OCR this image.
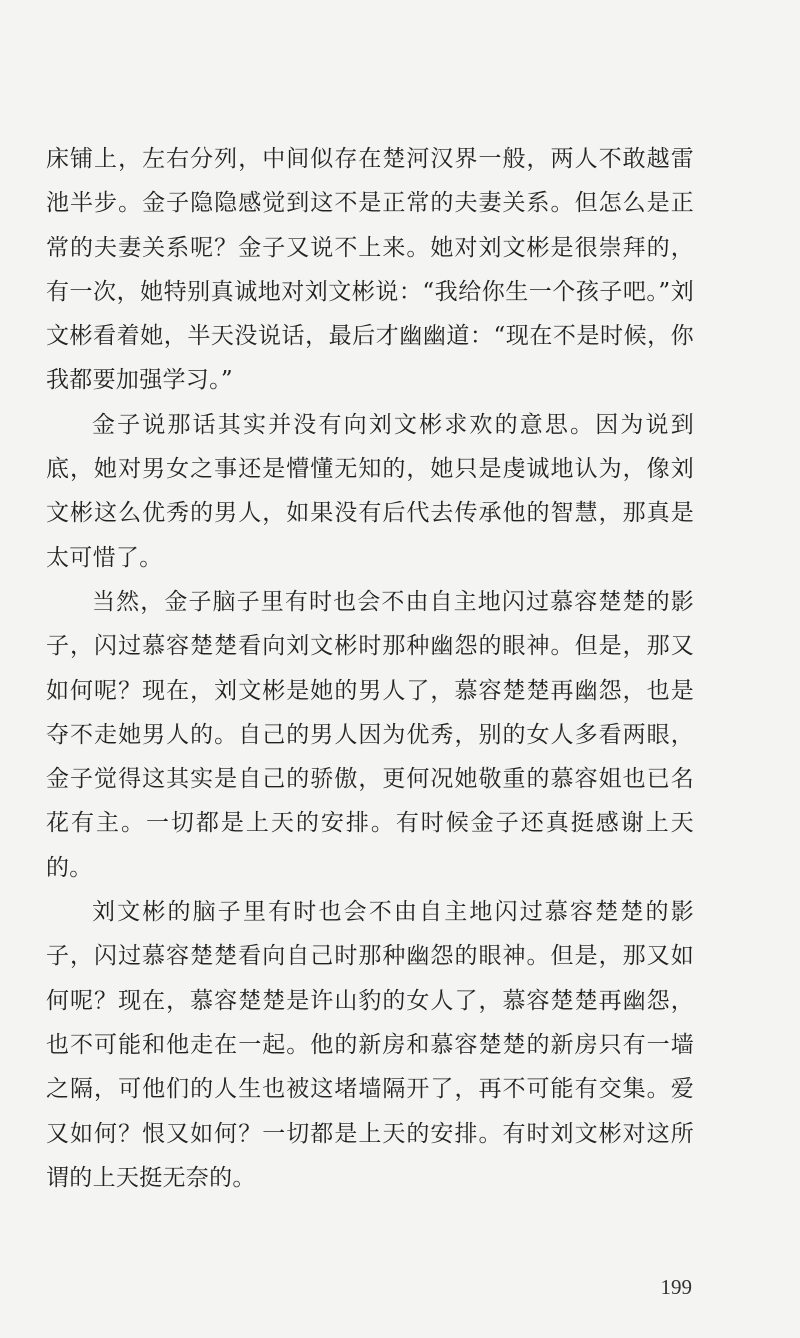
床铺上，左右分列，中间似存在楚河汉界一般，两人不敢越雷池半步。金子隐隐感觉到这不是正常的夫妻关系。但怎么是正常的夫妻关系呢？金子又说不上来。她对刘文彬是很崇拜的，有一次，她特别真诚地对刘文彬说：“我给你生一个孩子吧。”刘文彬看着她，半天没说话，最后才幽幽道：“现在不是时候，你我都要加强学习。”

金子说那话其实并没有向刘文彬求欢的意思。因为说到底，她对男女之事还是懵懂无知的，她只是虔诚地认为，像刘文彬这么优秀的男人，如果没有后代去传承他的智慧，那真是太可惜了。

当然，金子脑子里有时也会不由自主地闪过慕容楚楚的影子，闪过慕容楚楚看向刘文彬时那种幽怨的眼神。但是，那又如何呢？现在，刘文彬是她的男人了，慕容楚楚再幽怨，也是夺不走她男人的。自己的男人因为优秀，别的女人多看两眼，金子觉得这其实是自己的骄傲，更何况她敬重的慕容姐也已名花有主。一切都是上天的安排。有时候金子还真挺感谢上天的。

刘文彬的脑子里有时也会不由自主地闪过慕容楚楚的影子，闪过慕容楚楚看向自己时那种幽怨的眼神。但是，那又如何呢？现在，慕容楚楚是许山豹的女人了，慕容楚楚再幽怨，也不可能和他走在一起。他的新房和慕容楚楚的新房只有一墙之隔，可他们的人生也被这堵墙隔开了，再不可能有交集。爱又如何？恨又如何？一切都是上天的安排。有时刘文彬对这所谓的上天挺无奈的。

199
